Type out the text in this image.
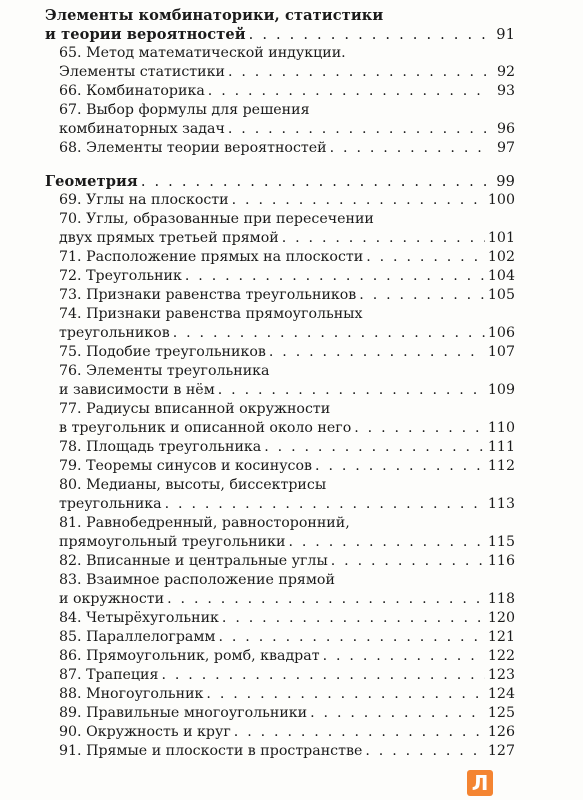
Элементы комбинаторики, статистики
и теории вероятностей . . .	91
65. Метод математической индукции.
Элементы статистики . . .	92
66. Комбинаторика . . .	93
67. Выбор формулы для решения
комбинаторных задач . . .	96
68. Элементы теории вероятностей . . .	97
Геометрия . . .	99
69. Углы на плоскости . . .	100
70. Углы, образованные при пересечении
двух прямых третьей прямой . . .	101
71. Расположение прямых на плоскости . . .	102
72. Треугольник . . .	104
73. Признаки равенства треугольников . . .	105
74. Признаки равенства прямоугольных
треугольников . . .	106
75. Подобие треугольников . . .	107
76. Элементы треугольника
и зависимости в нём . . .	109
77. Радиусы вписанной окружности
в треугольник и описанной около него . . .	110
78. Площадь треугольника . . .	111
79. Теоремы синусов и косинусов . . .	112
80. Медианы, высоты, биссектрисы
треугольника . . .	113
81. Равнобедренный, равносторонний,
прямоугольный треугольники . . .	115
82. Вписанные и центральные углы . . .	116
83. Взаимное расположение прямой
и окружности . . .	118
84. Четырёхугольник . . .	120
85. Параллелограмм . . .	121
86. Прямоугольник, ромб, квадрат . . .	122
87. Трапеция . . .	123
88. Многоугольник . . .	124
89. Правильные многоугольники . . .	125
90. Окружность и круг . . .	126
91. Прямые и плоскости в пространстве . . .	127
Л
